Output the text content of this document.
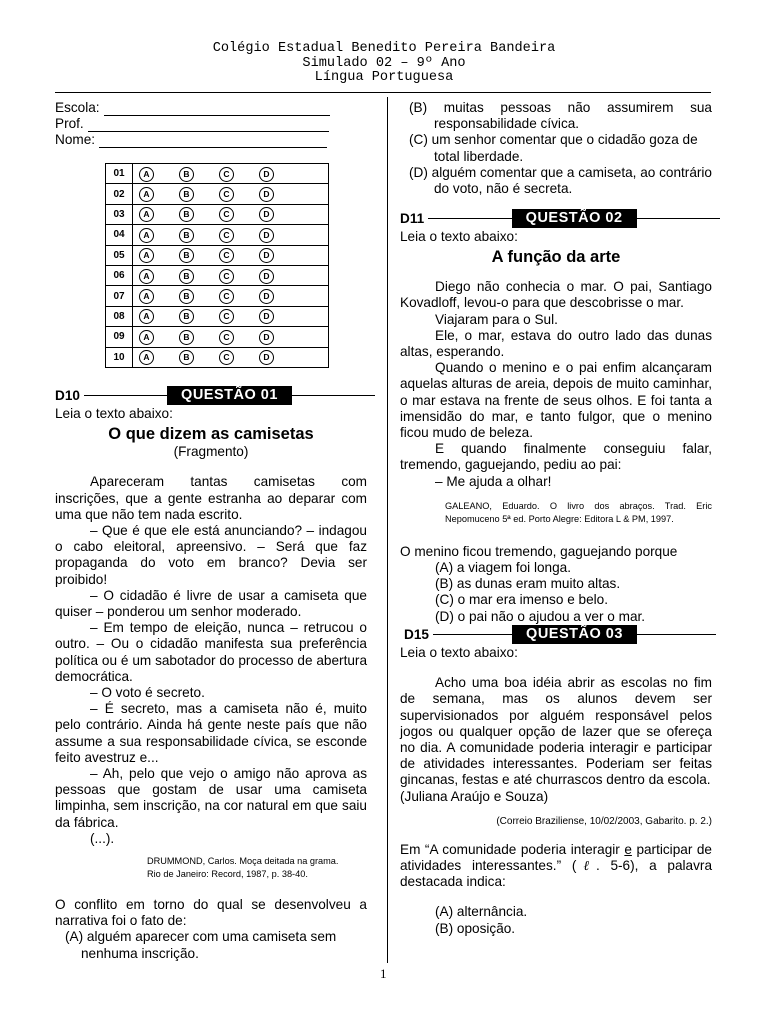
Colégio Estadual Benedito Pereira Bandeira
Simulado 02 – 9º Ano
Língua Portuguesa
Escola:
Prof.
Nome:
01	A B C D
02	A B C D
03	A B C D
04	A B C D
05	A B C D
06	A B C D
07	A B C D
08	A B C D
09	A B C D
10	A B C D
D10	QUESTÃO 01

Leia o texto abaixo:

O que dizem as camisetas

(Fragmento)

Apareceram tantas camisetas com inscrições, que a gente estranha ao deparar com uma que não tem nada escrito.

– Que é que ele está anunciando? – indagou o cabo eleitoral, apreensivo. – Será que faz propaganda do voto em branco? Devia ser proibido!

– O cidadão é livre de usar a camiseta que quiser – ponderou um senhor moderado.

– Em tempo de eleição, nunca – retrucou o outro. – Ou o cidadão manifesta sua preferência política ou é um sabotador do processo de abertura democrática.

– O voto é secreto.

– É secreto, mas a camiseta não é, muito pelo contrário. Ainda há gente neste país que não assume a sua responsabilidade cívica, se esconde feito avestruz e...

– Ah, pelo que vejo o amigo não aprova as pessoas que gostam de usar uma camiseta limpinha, sem inscrição, na cor natural em que saiu da fábrica.

(...).

DRUMMOND, Carlos. Moça deitada na grama.
Rio de Janeiro: Record, 1987, p. 38-40.

O conflito em torno do qual se desenvolveu a narrativa foi o fato de:

(A) alguém aparecer com uma camiseta sem nenhuma inscrição.

(B) muitas pessoas não assumirem sua responsabilidade cívica.

(C) um senhor comentar que o cidadão goza de total liberdade.

(D) alguém comentar que a camiseta, ao contrário do voto, não é secreta.

D11	QUESTÃO 02

Leia o texto abaixo:

A função da arte

Diego não conhecia o mar. O pai, Santiago Kovadloff, levou-o para que descobrisse o mar.

Viajaram para o Sul.

Ele, o mar, estava do outro lado das dunas altas, esperando.

Quando o menino e o pai enfim alcançaram aquelas alturas de areia, depois de muito caminhar, o mar estava na frente de seus olhos. E foi tanta a imensidão do mar, e tanto fulgor, que o menino ficou mudo de beleza.

E quando finalmente conseguiu falar, tremendo, gaguejando, pediu ao pai:

– Me ajuda a olhar!

GALEANO, Eduardo. O livro dos abraços. Trad. Eric Nepomuceno 5ª ed. Porto Alegre: Editora L & PM, 1997.

O menino ficou tremendo, gaguejando porque

(A) a viagem foi longa.

(B) as dunas eram muito altas.

(C) o mar era imenso e belo.

(D) o pai não o ajudou a ver o mar.

D15	QUESTÃO 03

Leia o texto abaixo:

Acho uma boa idéia abrir as escolas no fim de semana, mas os alunos devem ser supervisionados por alguém responsável pelos jogos ou qualquer opção de lazer que se ofereça no dia. A comunidade poderia interagir e participar de atividades interessantes. Poderiam ser feitas gincanas, festas e até churrascos dentro da escola.

(Juliana Araújo e Souza)

(Correio Braziliense, 10/02/2003, Gabarito. p. 2.)

Em “A comunidade poderia interagir e participar de atividades interessantes.” (ℓ. 5-6), a palavra destacada indica:

(A) alternância.

(B) oposição.

1
